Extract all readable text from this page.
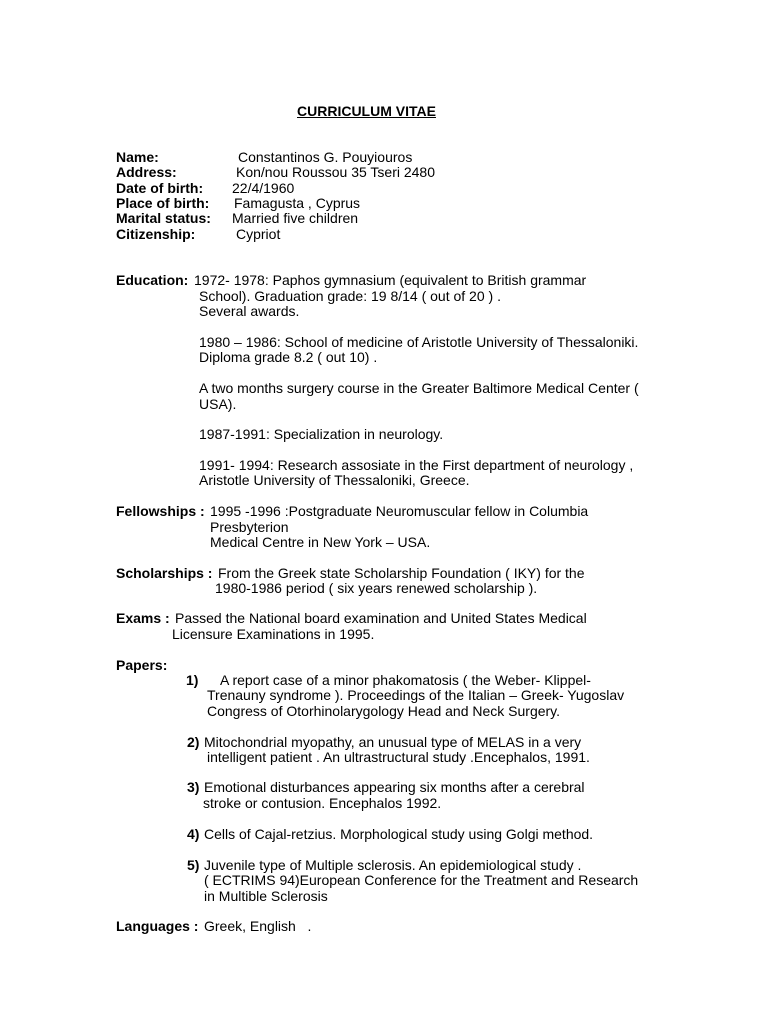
CURRICULUM VITAE
Name:	Constantinos G. Pouyiouros
Address:	Kon/nou Roussou 35 Tseri 2480
Date of birth: 22/4/1960
Place of birth: Famagusta , Cyprus
Marital status: Married five children
Citizenship:	Cypriot
Education: 1972- 1978: Paphos gymnasium (equivalent to British grammar
School). Graduation grade: 19 8/14 ( out of 20 ) .
Several awards.
1980 – 1986: School of medicine of Aristotle University of Thessaloniki.
Diploma grade 8.2 ( out 10) .
A two months surgery course in the Greater Baltimore Medical Center (
USA).
1987-1991: Specialization in neurology.
1991- 1994: Research assosiate in the First department of neurology ,
Aristotle University of Thessaloniki, Greece.
Fellowships : 1995 -1996 :Postgraduate Neuromuscular fellow in Columbia
Presbyterion
Medical Centre in New York – USA.
Scholarships : From the Greek state Scholarship Foundation ( IKY) for the
1980-1986 period ( six years renewed scholarship ).
Exams : Passed the National board examination and United States Medical
Licensure Examinations in 1995.
Papers:
1) A report case of a minor phakomatosis ( the Weber- Klippel-
Trenauny syndrome ). Proceedings of the Italian – Greek- Yugoslav
Congress of Otorhinolarygology Head and Neck Surgery.
2) Mitochondrial myopathy, an unusual type of MELAS in a very
intelligent patient . An ultrastructural study .Encephalos, 1991.
3) Emotional disturbances appearing six months after a cerebral
stroke or contusion. Encephalos 1992.
4) Cells of Cajal-retzius. Morphological study using Golgi method.
5) Juvenile type of Multiple sclerosis. An epidemiological study .
( ECTRIMS 94)European Conference for the Treatment and Research
in Multible Sclerosis
Languages : Greek, English   .
